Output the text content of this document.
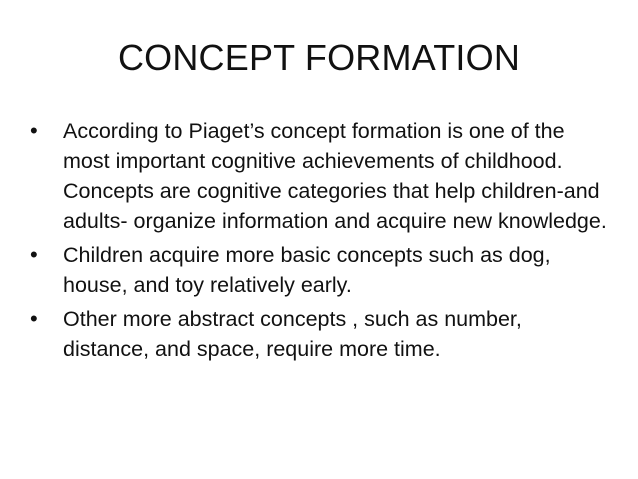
CONCEPT FORMATION
•	According to Piaget’s concept formation is one of the most important cognitive achievements of childhood. Concepts are cognitive categories that help children-and adults- organize information and acquire new knowledge.
•	Children acquire more basic concepts such as dog, house, and toy relatively early.
•	Other more abstract concepts , such as number, distance, and space, require more time.
